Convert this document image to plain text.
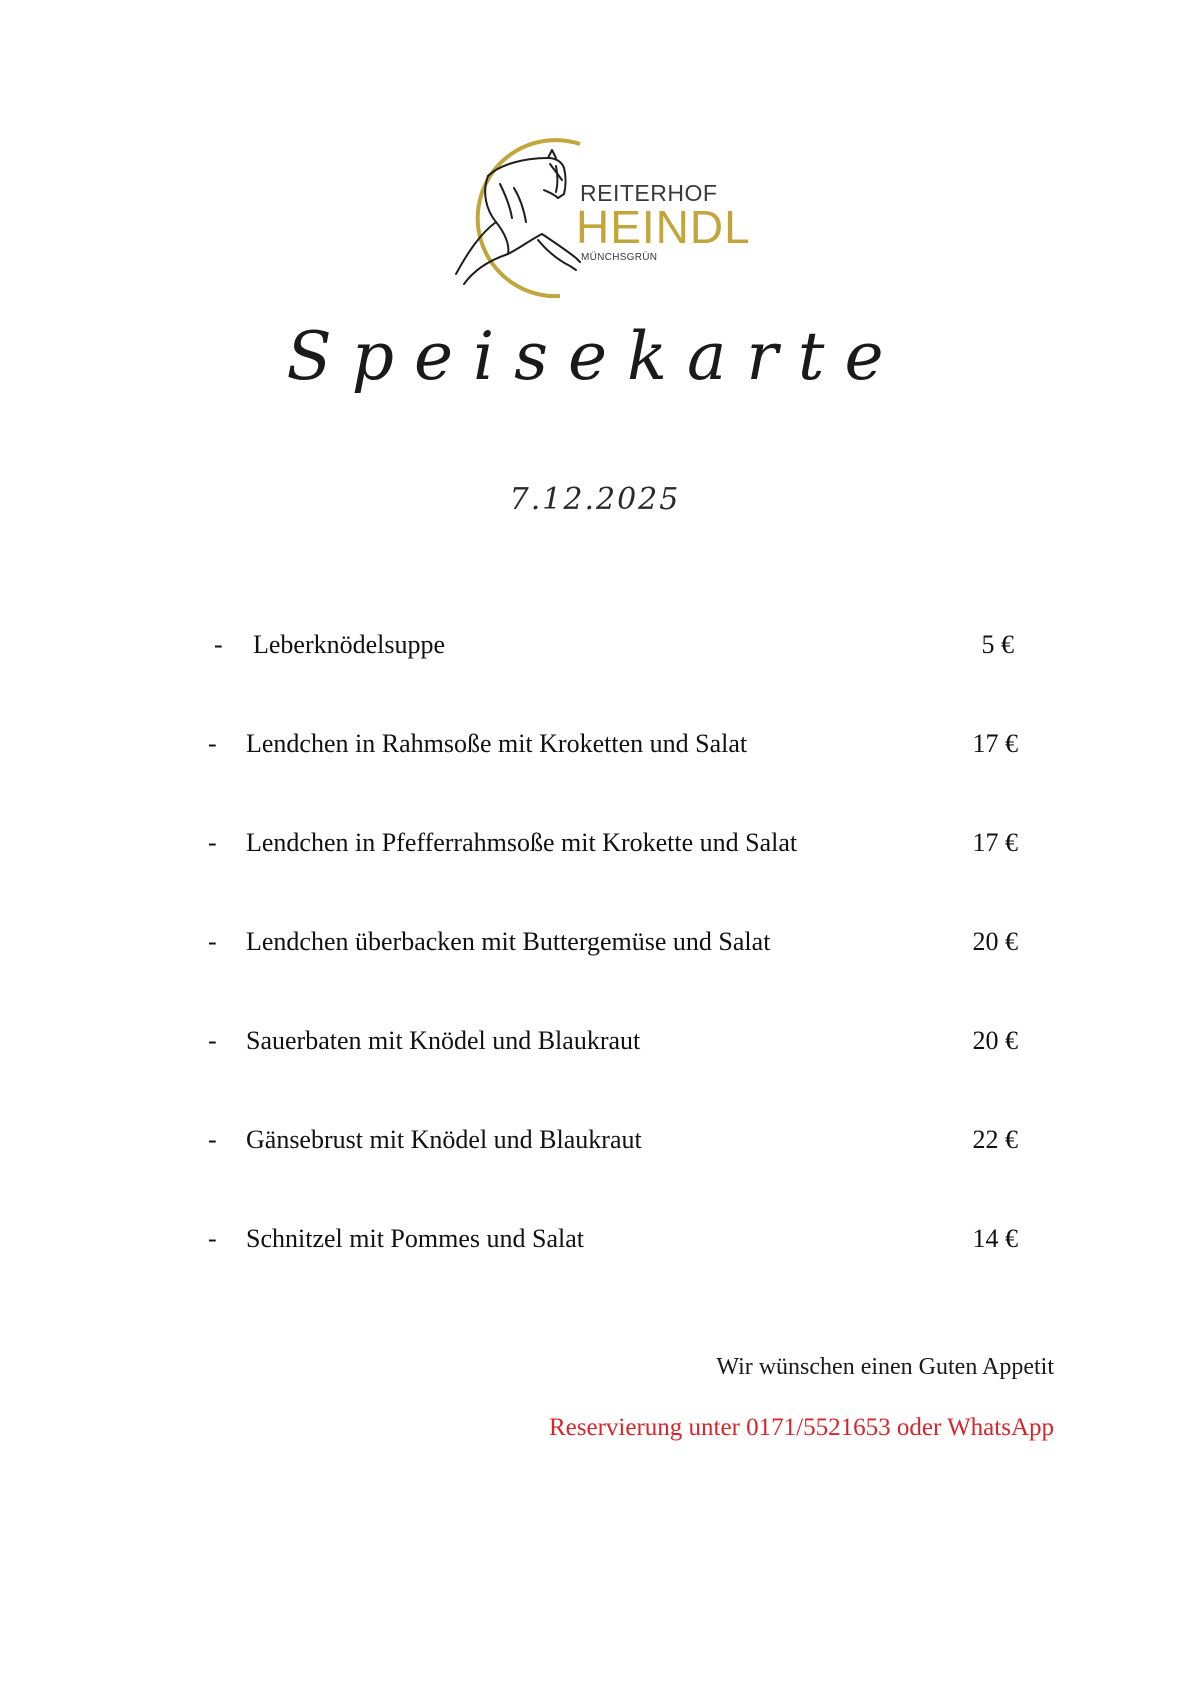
REITERHOF
HEINDL
MÜNCHSGRÜN
Speisekarte
7.12.2025
- Leberknödelsuppe	5 €
- Lendchen in Rahmsoße mit Kroketten und Salat	17 €
- Lendchen in Pfefferrahmsoße mit Krokette und Salat	17 €
- Lendchen überbacken mit Buttergemüse und Salat	20 €
- Sauerbaten mit Knödel und Blaukraut	20 €
- Gänsebrust mit Knödel und Blaukraut	22 €
- Schnitzel mit Pommes und Salat	14 €
Wir wünschen einen Guten Appetit
Reservierung unter 0171/5521653 oder WhatsApp
